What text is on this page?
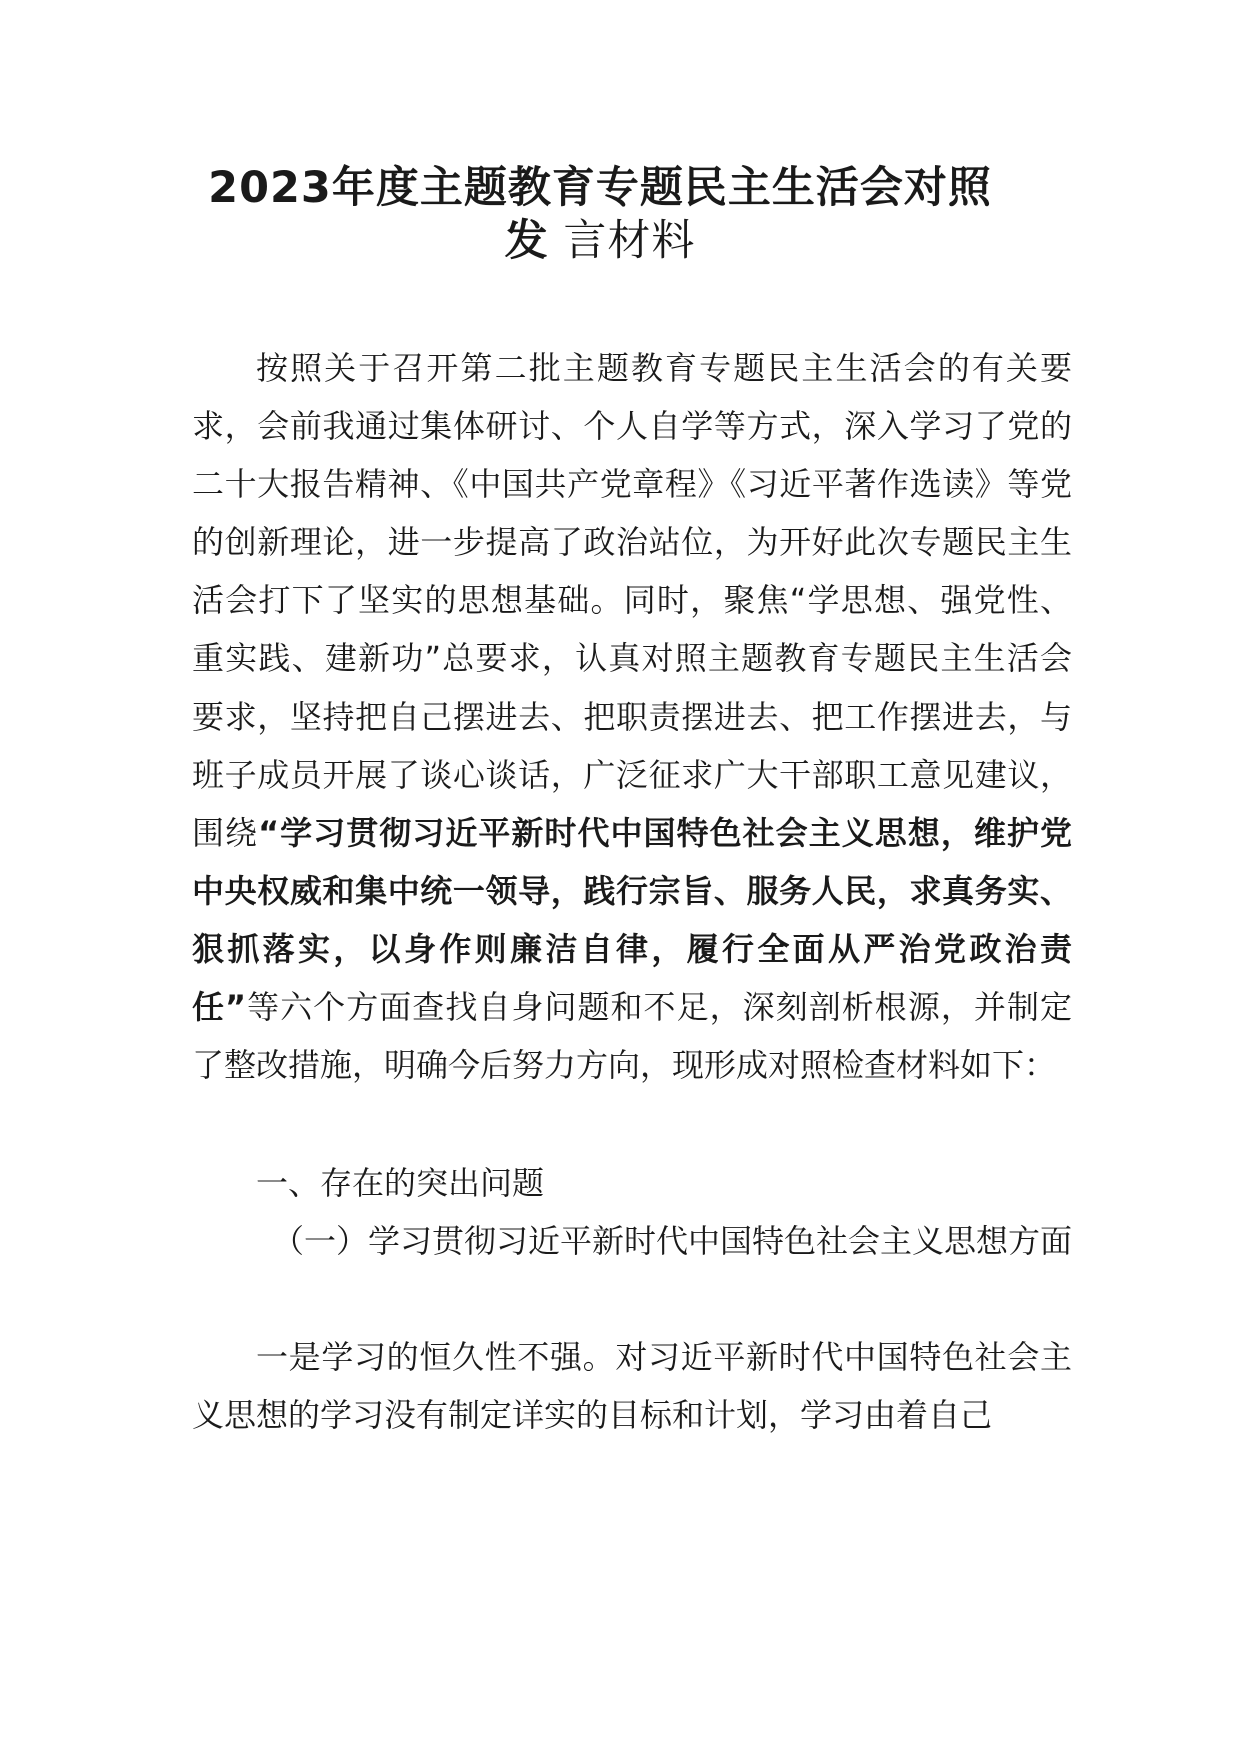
2023年度主题教育专题民主生活会对照
发 言材料

按照关于召开第二批主题教育专题民主生活会的有关要求，会前我通过集体研讨、个人自学等方式，深入学习了党的二十大报告精神、《中国共产党章程》《习近平著作选读》等党的创新理论，进一步提高了政治站位，为开好此次专题民主生活会打下了坚实的思想基础。同时，聚焦“学思想、强党性、重实践、建新功”总要求，认真对照主题教育专题民主生活会要求，坚持把自己摆进去、把职责摆进去、把工作摆进去，与班子成员开展了谈心谈话，广泛征求广大干部职工意见建议，围绕“学习贯彻习近平新时代中国特色社会主义思想，维护党中央权威和集中统一领导，践行宗旨、服务人民，求真务实、狠抓落实，以身作则廉洁自律，履行全面从严治党政治责任”等六个方面查找自身问题和不足，深刻剖析根源，并制定了整改措施，明确今后努力方向，现形成对照检查材料如下：

一、存在的突出问题

（一）学习贯彻习近平新时代中国特色社会主义思想方面

一是学习的恒久性不强。对习近平新时代中国特色社会主义思想的学习没有制定详实的目标和计划，学习由着自己
